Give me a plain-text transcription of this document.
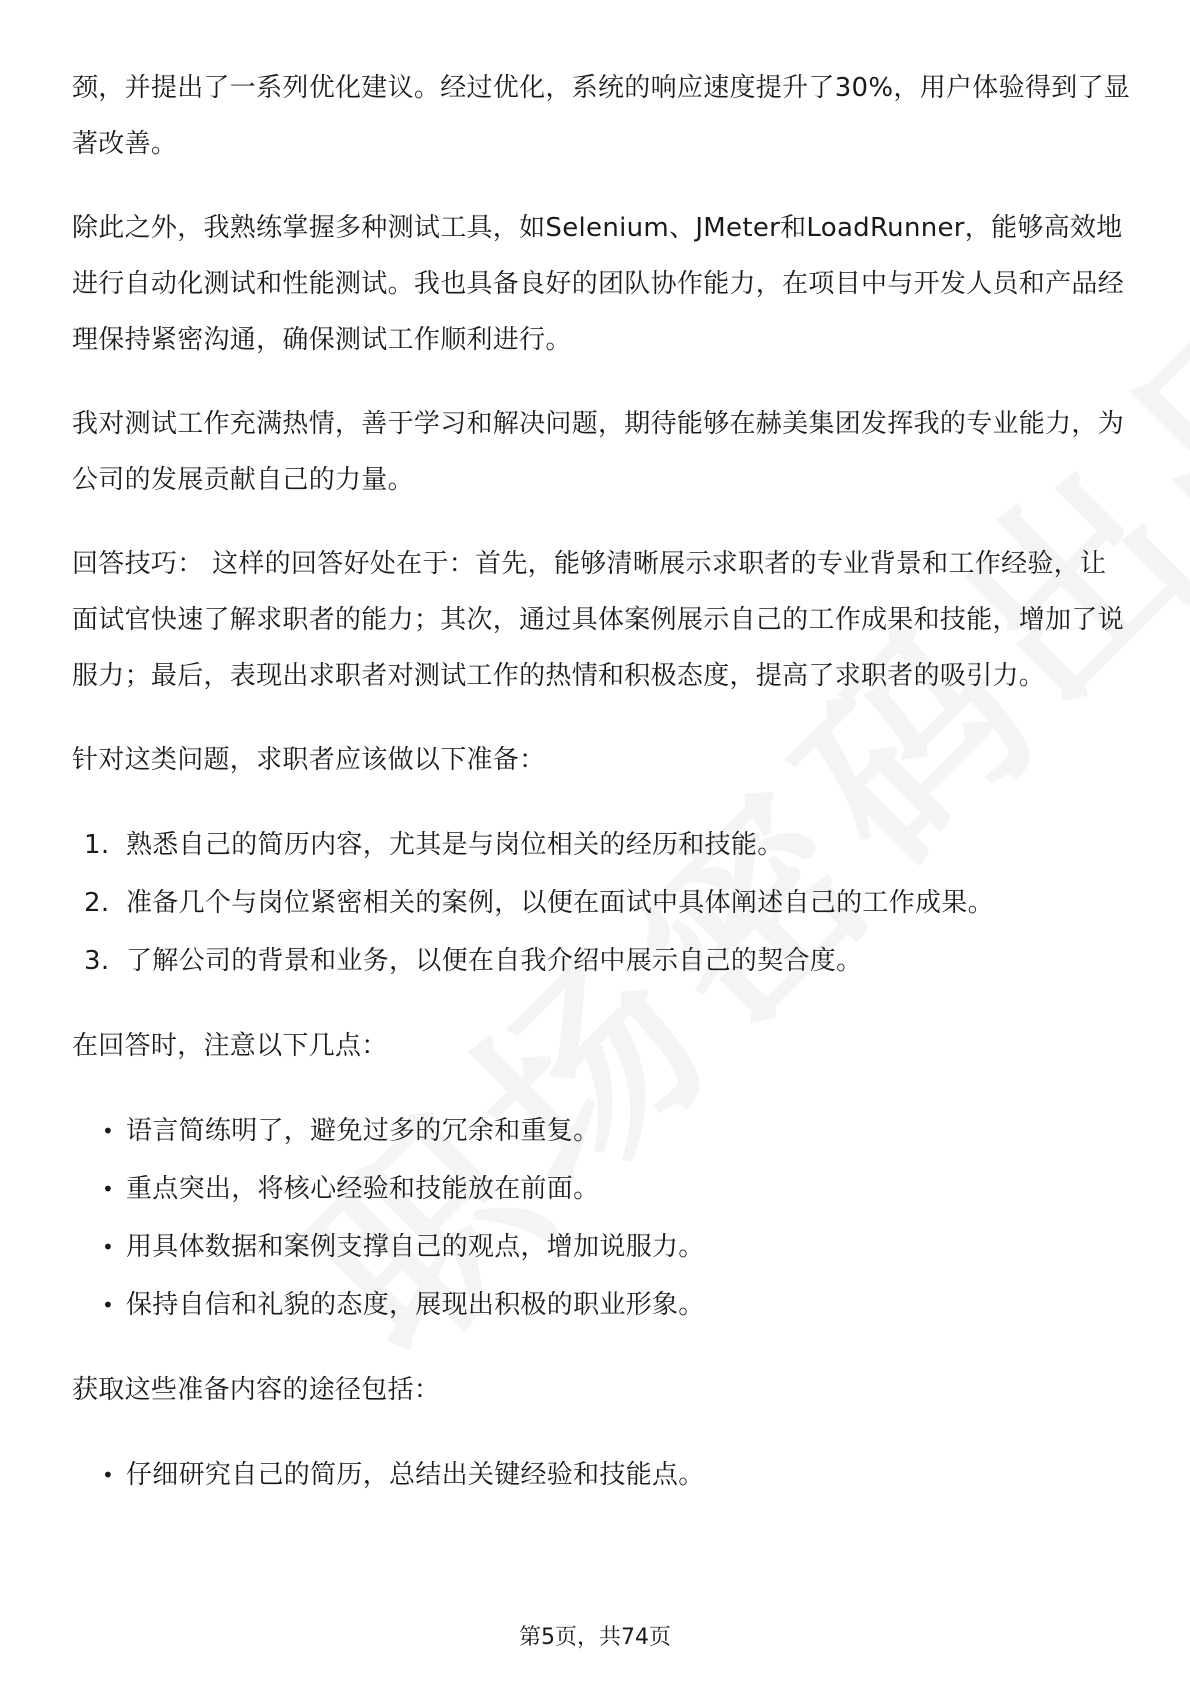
颈，并提出了一系列优化建议。经过优化，系统的响应速度提升了30%，用户体验得到了显著改善。

除此之外，我熟练掌握多种测试工具，如Selenium、JMeter和LoadRunner，能够高效地进行自动化测试和性能测试。我也具备良好的团队协作能力，在项目中与开发人员和产品经理保持紧密沟通，确保测试工作顺利进行。

我对测试工作充满热情，善于学习和解决问题，期待能够在赫美集团发挥我的专业能力，为公司的发展贡献自己的力量。

回答技巧： 这样的回答好处在于：首先，能够清晰展示求职者的专业背景和工作经验，让面试官快速了解求职者的能力；其次，通过具体案例展示自己的工作成果和技能，增加了说服力；最后，表现出求职者对测试工作的热情和积极态度，提高了求职者的吸引力。

针对这类问题，求职者应该做以下准备：

1. 熟悉自己的简历内容，尤其是与岗位相关的经历和技能。
2. 准备几个与岗位紧密相关的案例，以便在面试中具体阐述自己的工作成果。
3. 了解公司的背景和业务，以便在自我介绍中展示自己的契合度。

在回答时，注意以下几点：

• 语言简练明了，避免过多的冗余和重复。
• 重点突出，将核心经验和技能放在前面。
• 用具体数据和案例支撑自己的观点，增加说服力。
• 保持自信和礼貌的态度，展现出积极的职业形象。

获取这些准备内容的途径包括：

• 仔细研究自己的简历，总结出关键经验和技能点。
第5页，共74页
